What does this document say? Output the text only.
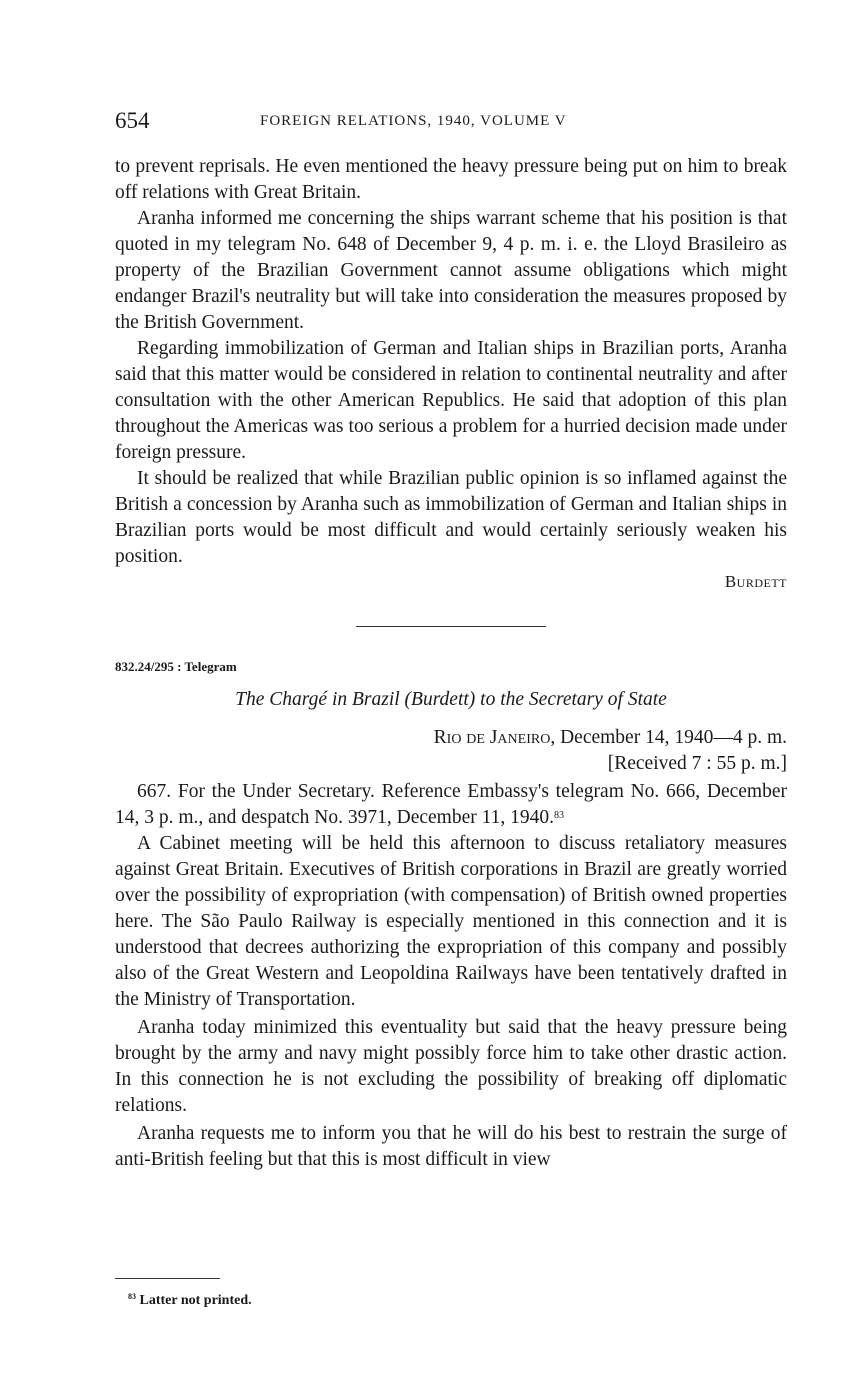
654	FOREIGN RELATIONS, 1940, VOLUME V

to prevent reprisals. He even mentioned the heavy pressure being put on him to break off relations with Great Britain.

Aranha informed me concerning the ships warrant scheme that his position is that quoted in my telegram No. 648 of December 9, 4 p. m. i. e. the Lloyd Brasileiro as property of the Brazilian Government cannot assume obligations which might endanger Brazil's neutrality but will take into consideration the measures proposed by the British Government.

Regarding immobilization of German and Italian ships in Brazilian ports, Aranha said that this matter would be considered in relation to continental neutrality and after consultation with the other American Republics. He said that adoption of this plan throughout the Americas was too serious a problem for a hurried decision made under foreign pressure.

It should be realized that while Brazilian public opinion is so inflamed against the British a concession by Aranha such as immobilization of German and Italian ships in Brazilian ports would be most difficult and would certainly seriously weaken his position.

Burdett
832.24/295 : Telegram
The Chargé in Brazil (Burdett) to the Secretary of State
Rio de Janeiro, December 14, 1940—4 p. m.
[Received 7 : 55 p. m.]

667. For the Under Secretary. Reference Embassy's telegram No. 666, December 14, 3 p. m., and despatch No. 3971, December 11, 1940.83

A Cabinet meeting will be held this afternoon to discuss retaliatory measures against Great Britain. Executives of British corporations in Brazil are greatly worried over the possibility of expropriation (with compensation) of British owned properties here. The São Paulo Railway is especially mentioned in this connection and it is understood that decrees authorizing the expropriation of this company and possibly also of the Great Western and Leopoldina Railways have been tentatively drafted in the Ministry of Transportation.

Aranha today minimized this eventuality but said that the heavy pressure being brought by the army and navy might possibly force him to take other drastic action. In this connection he is not excluding the possibility of breaking off diplomatic relations.

Aranha requests me to inform you that he will do his best to restrain the surge of anti-British feeling but that this is most difficult in view

$^{83}$ Latter not printed.
